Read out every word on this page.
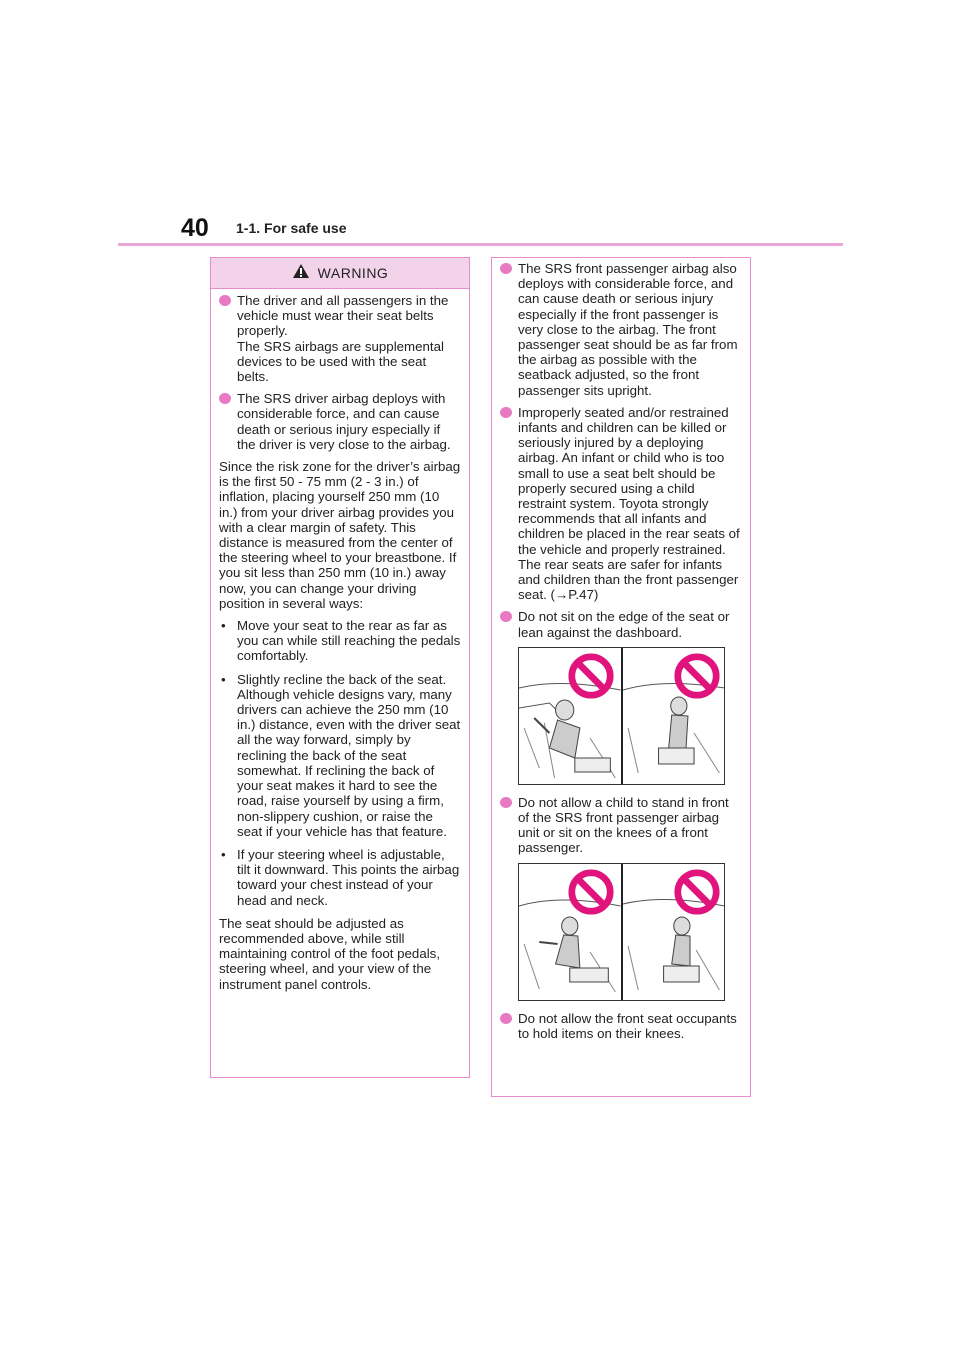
40 1-1. For safe use
WARNING
The driver and all passengers in the vehicle must wear their seat belts properly.
The SRS airbags are supplemental devices to be used with the seat belts.
The SRS driver airbag deploys with considerable force, and can cause death or serious injury especially if the driver is very close to the airbag.

Since the risk zone for the driver’s airbag is the first 50 - 75 mm (2 - 3 in.) of inflation, placing yourself 250 mm (10 in.) from your driver airbag provides you with a clear margin of safety. This distance is measured from the center of the steering wheel to your breastbone. If you sit less than 250 mm (10 in.) away now, you can change your driving position in several ways:

• Move your seat to the rear as far as you can while still reaching the pedals comfortably.
• Slightly recline the back of the seat. Although vehicle designs vary, many drivers can achieve the 250 mm (10 in.) distance, even with the driver seat all the way forward, simply by reclining the back of the seat somewhat. If reclining the back of your seat makes it hard to see the road, raise yourself by using a firm, non-slippery cushion, or raise the seat if your vehicle has that feature.
• If your steering wheel is adjustable, tilt it downward. This points the airbag toward your chest instead of your head and neck.

The seat should be adjusted as recommended above, while still maintaining control of the foot pedals, steering wheel, and your view of the instrument panel controls.

The SRS front passenger airbag also deploys with considerable force, and can cause death or serious injury especially if the front passenger is very close to the airbag. The front passenger seat should be as far from the airbag as possible with the seatback adjusted, so the front passenger sits upright.
Improperly seated and/or restrained infants and children can be killed or seriously injured by a deploying airbag. An infant or child who is too small to use a seat belt should be properly secured using a child restraint system. Toyota strongly recommends that all infants and children be placed in the rear seats of the vehicle and properly restrained. The rear seats are safer for infants and children than the front passenger seat. (→P.47)
Do not sit on the edge of the seat or lean against the dashboard.
Do not allow a child to stand in front of the SRS front passenger airbag unit or sit on the knees of a front passenger.
Do not allow the front seat occupants to hold items on their knees.
